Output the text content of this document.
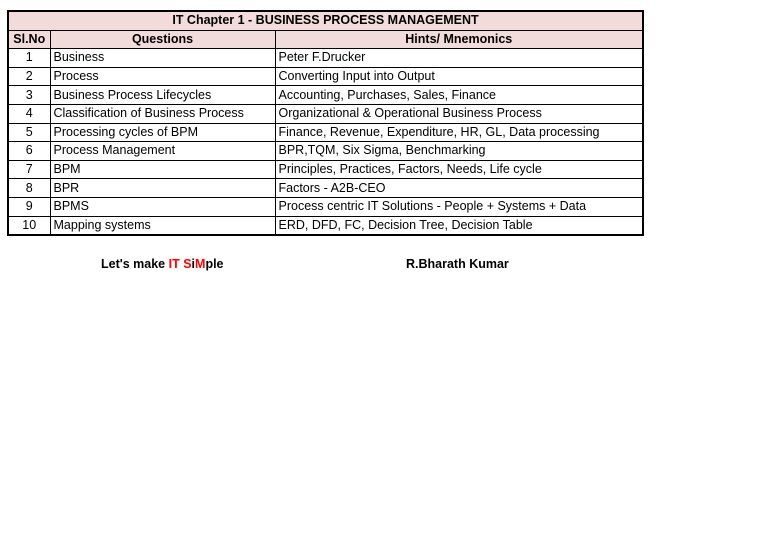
IT Chapter 1 - BUSINESS PROCESS MANAGEMENT		
Sl.No	Questions	Hints/ Mnemonics
1	Business	Peter F.Drucker
2	Process	Converting Input into Output
3	Business Process Lifecycles	Accounting, Purchases, Sales, Finance
4	Classification of Business Process	Organizational & Operational Business Process
5	Processing cycles of BPM	Finance, Revenue, Expenditure, HR, GL, Data processing
6	Process Management	BPR,TQM, Six Sigma, Benchmarking
7	BPM	Principles, Practices, Factors, Needs, Life cycle
8	BPR	Factors - A2B-CEO
9	BPMS	Process centric IT Solutions - People + Systems + Data
10	Mapping systems	ERD, DFD, FC, Decision Tree, Decision Table
Let's make IT SiMple	R.Bharath Kumar
